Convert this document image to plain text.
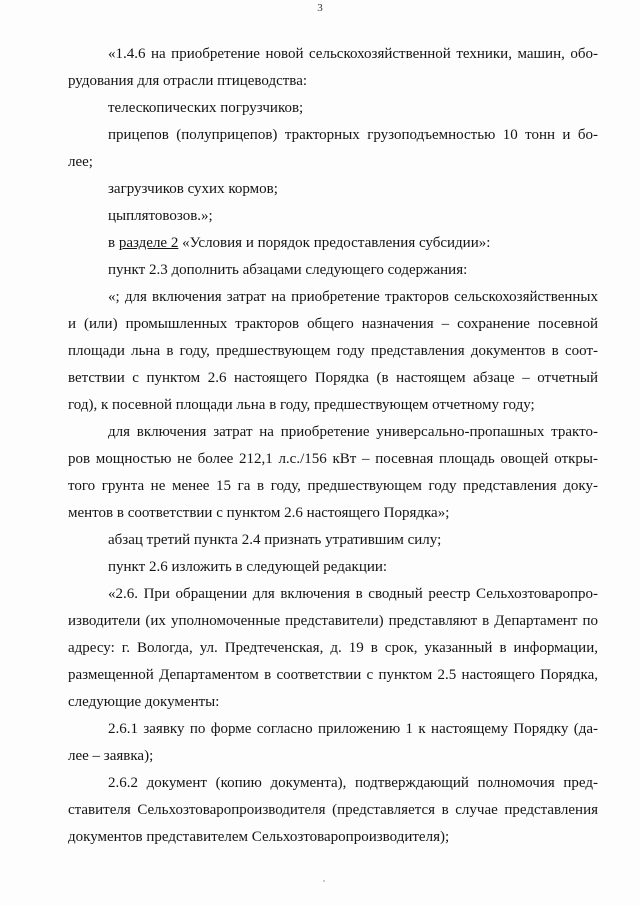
3
«1.4.6 на приобретение новой сельскохозяйственной техники, машин, обо-
рудования для отрасли птицеводства:
телескопических погрузчиков;
прицепов (полуприцепов) тракторных грузоподъемностью 10 тонн и бо-
лее;
загрузчиков сухих кормов;
цыплятовозов.»;
в разделе 2 «Условия и порядок предоставления субсидии»:
пункт 2.3 дополнить абзацами следующего содержания:
«; для включения затрат на приобретение тракторов сельскохозяйственных
и (или) промышленных тракторов общего назначения – сохранение посевной
площади льна в году, предшествующем году представления документов в соот-
ветствии с пунктом 2.6 настоящего Порядка (в настоящем абзаце – отчетный
год), к посевной площади льна в году, предшествующем отчетному году;
для включения затрат на приобретение универсально-пропашных тракто-
ров мощностью не более 212,1 л.с./156 кВт – посевная площадь овощей откры-
того грунта не менее 15 га в году, предшествующем году представления доку-
ментов в соответствии с пунктом 2.6 настоящего Порядка»;
абзац третий пункта 2.4 признать утратившим силу;
пункт 2.6 изложить в следующей редакции:
«2.6. При обращении для включения в сводный реестр Сельхозтоваропро-
изводители (их уполномоченные представители) представляют в Департамент по
адресу: г. Вологда, ул. Предтеченская, д. 19 в срок, указанный в информации,
размещенной Департаментом в соответствии с пунктом 2.5 настоящего Порядка,
следующие документы:
2.6.1 заявку по форме согласно приложению 1 к настоящему Порядку (да-
лее – заявка);
2.6.2 документ (копию документа), подтверждающий полномочия пред-
ставителя Сельхозтоваропроизводителя (представляется в случае представления
документов представителем Сельхозтоваропроизводителя);
